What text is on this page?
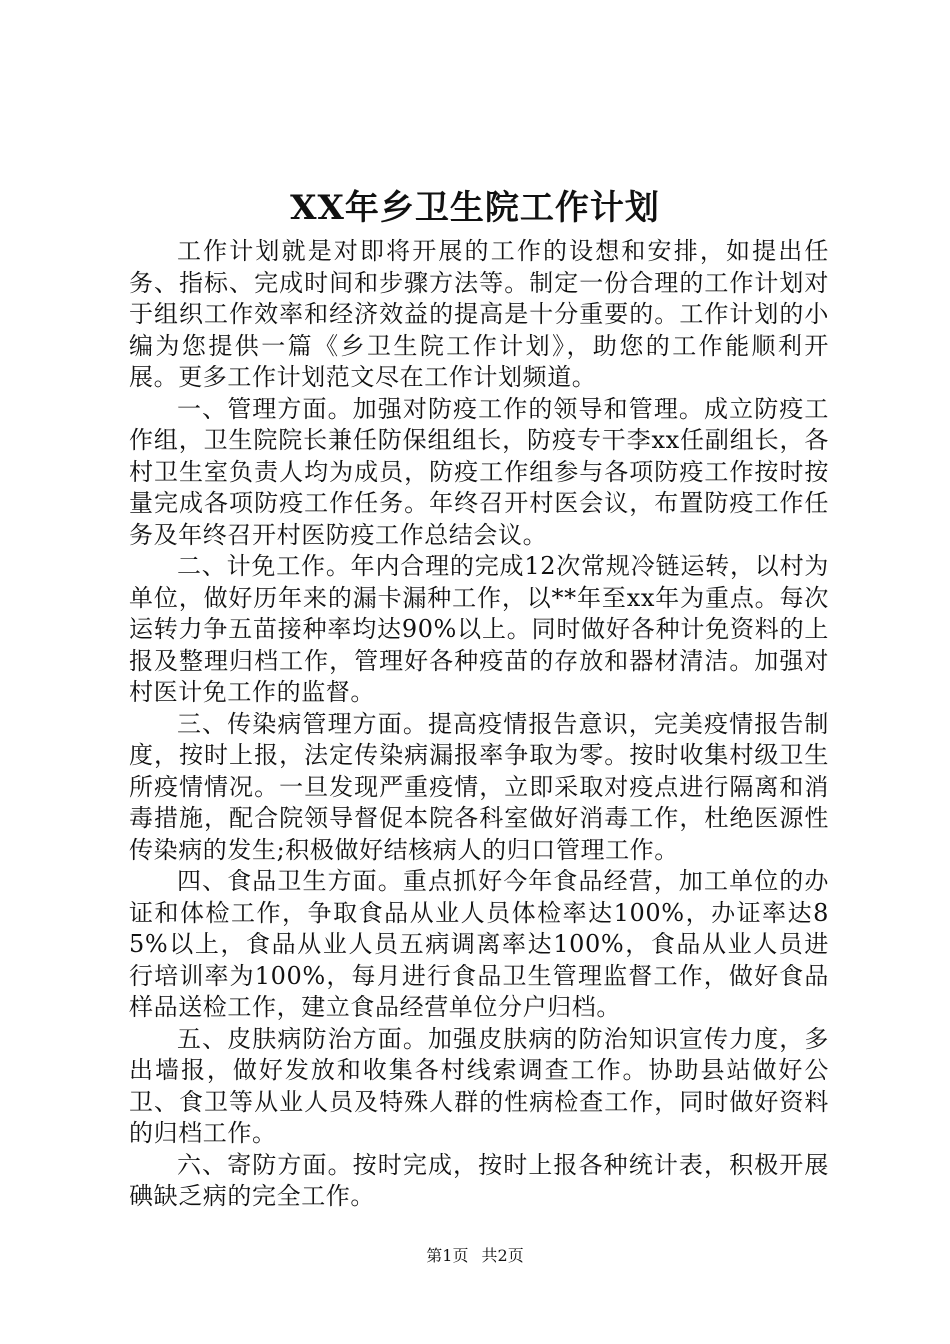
XX年乡卫生院工作计划

工作计划就是对即将开展的工作的设想和安排，如提出任务、指标、完成时间和步骤方法等。制定一份合理的工作计划对于组织工作效率和经济效益的提高是十分重要的。工作计划的小编为您提供一篇《乡卫生院工作计划》，助您的工作能顺利开展。更多工作计划范文尽在工作计划频道。

一、管理方面。加强对防疫工作的领导和管理。成立防疫工作组，卫生院院长兼任防保组组长，防疫专干李xx任副组长，各村卫生室负责人均为成员，防疫工作组参与各项防疫工作按时按量完成各项防疫工作任务。年终召开村医会议，布置防疫工作任务及年终召开村医防疫工作总结会议。

二、计免工作。年内合理的完成12次常规冷链运转，以村为单位，做好历年来的漏卡漏种工作，以**年至xx年为重点。每次运转力争五苗接种率均达90%以上。同时做好各种计免资料的上报及整理归档工作，管理好各种疫苗的存放和器材清洁。加强对村医计免工作的监督。

三、传染病管理方面。提高疫情报告意识，完美疫情报告制度，按时上报，法定传染病漏报率争取为零。按时收集村级卫生所疫情情况。一旦发现严重疫情，立即采取对疫点进行隔离和消毒措施，配合院领导督促本院各科室做好消毒工作，杜绝医源性传染病的发生;积极做好结核病人的归口管理工作。

四、食品卫生方面。重点抓好今年食品经营，加工单位的办证和体检工作，争取食品从业人员体检率达100%，办证率达85%以上，食品从业人员五病调离率达100%，食品从业人员进行培训率为100%，每月进行食品卫生管理监督工作，做好食品样品送检工作，建立食品经营单位分户归档。

五、皮肤病防治方面。加强皮肤病的防治知识宣传力度，多出墙报，做好发放和收集各村线索调查工作。协助县站做好公卫、食卫等从业人员及特殊人群的性病检查工作，同时做好资料的归档工作。

六、寄防方面。按时完成，按时上报各种统计表，积极开展碘缺乏病的完全工作。

第1页 共2页
